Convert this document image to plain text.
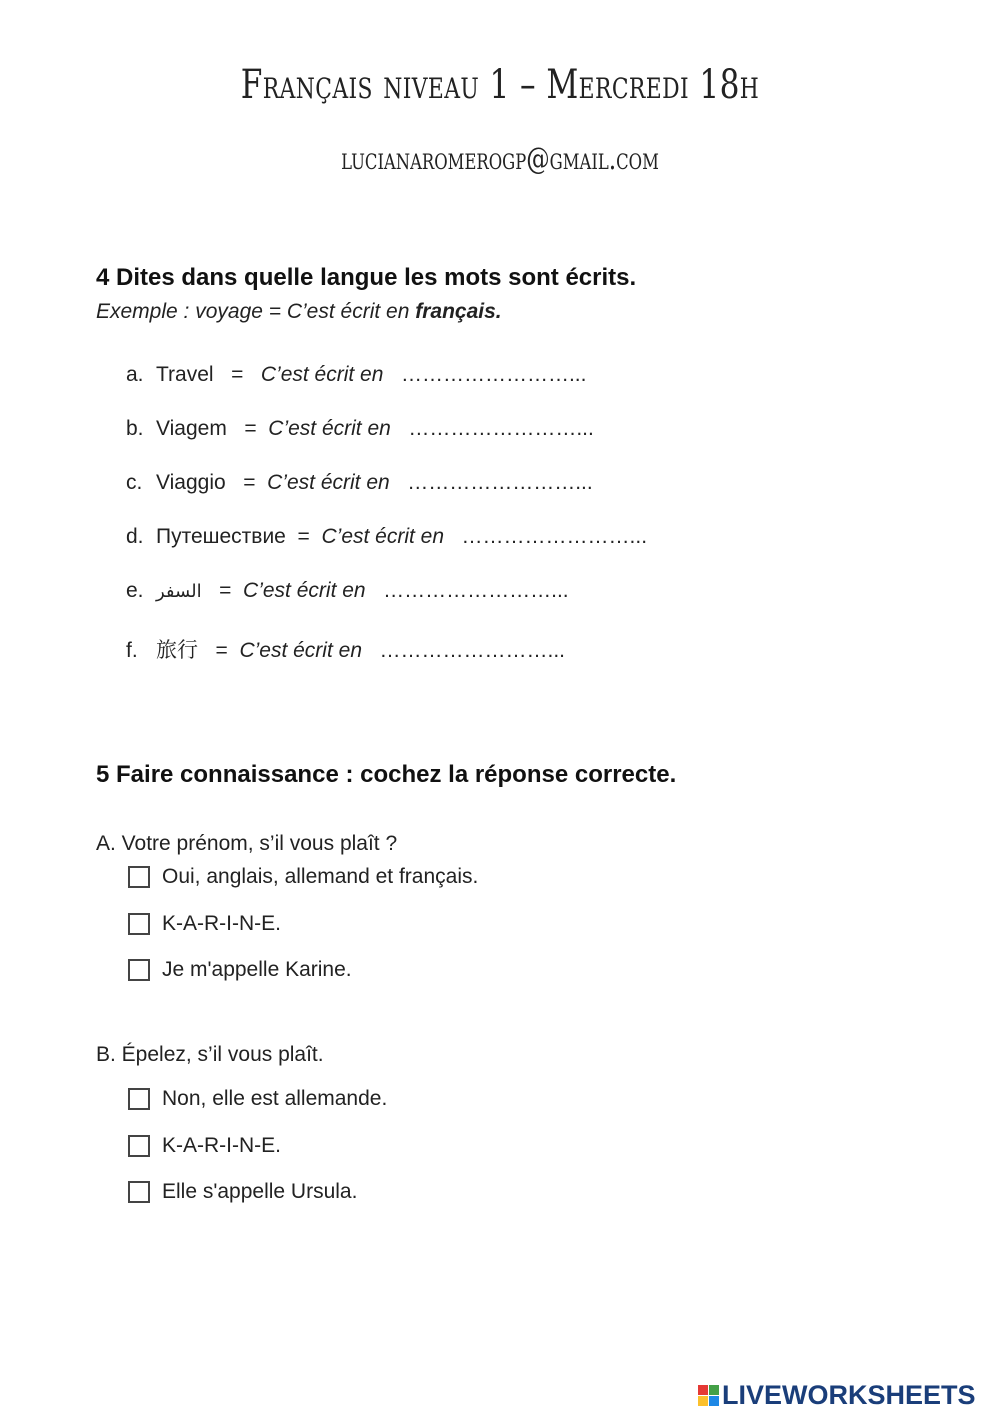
Français niveau 1 – Mercredi 18h
lucianaromerogp@gmail.com
4 Dites dans quelle langue les mots sont écrits.
Exemple : voyage = C’est écrit en français.
a. Travel = C’est écrit en ……………………...
b. Viagem = C’est écrit en ……………………...
c. Viaggio = C’est écrit en ……………………...
d. Путешествие = C’est écrit en ……………………...
e. السفر = C’est écrit en ……………………...
f. 旅行 = C’est écrit en ……………………...
5 Faire connaissance : cochez la réponse correcte.
A. Votre prénom, s’il vous plaît ?
Oui, anglais, allemand et français.
K-A-R-I-N-E.
Je m'appelle Karine.
B. Épelez, s’il vous plaît.
Non, elle est allemande.
K-A-R-I-N-E.
Elle s'appelle Ursula.
LIVEWORKSHEETS
